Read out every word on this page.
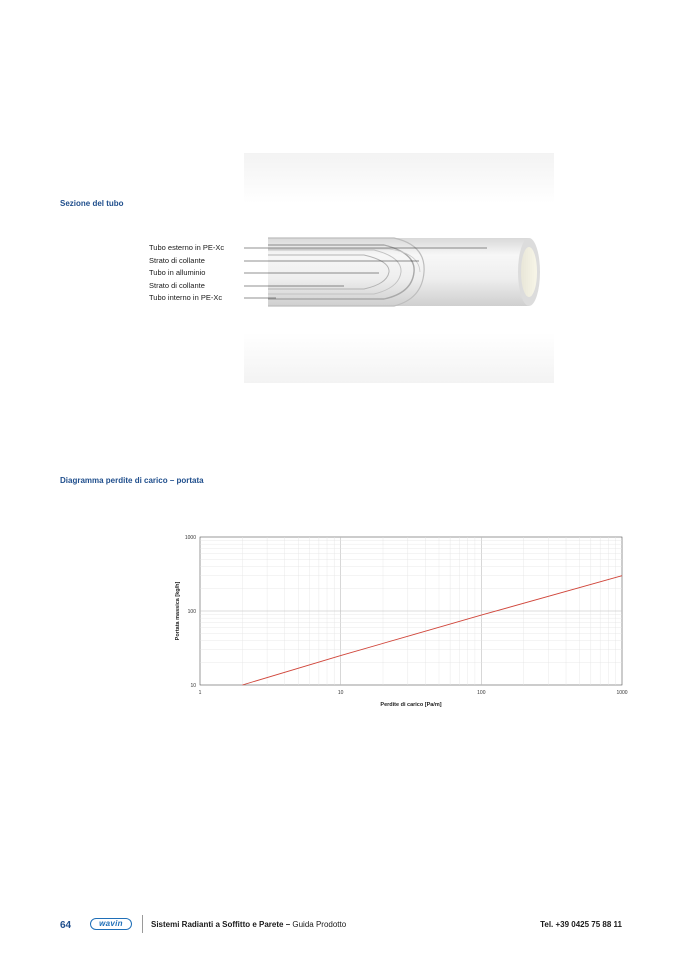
Sezione del tubo
Tubo esterno in PE-Xc
Strato di collante
Tubo in alluminio
Strato di collante
Tubo interno in PE-Xc
Diagramma perdite di carico – portata
1	10	100	1000
10
100
1000
Perdite di carico [Pa/m]
Portata massica [kg/h]
64	wavin	Sistemi Radianti a Soffitto e Parete – Guida Prodotto	Tel. +39 0425 75 88 11
